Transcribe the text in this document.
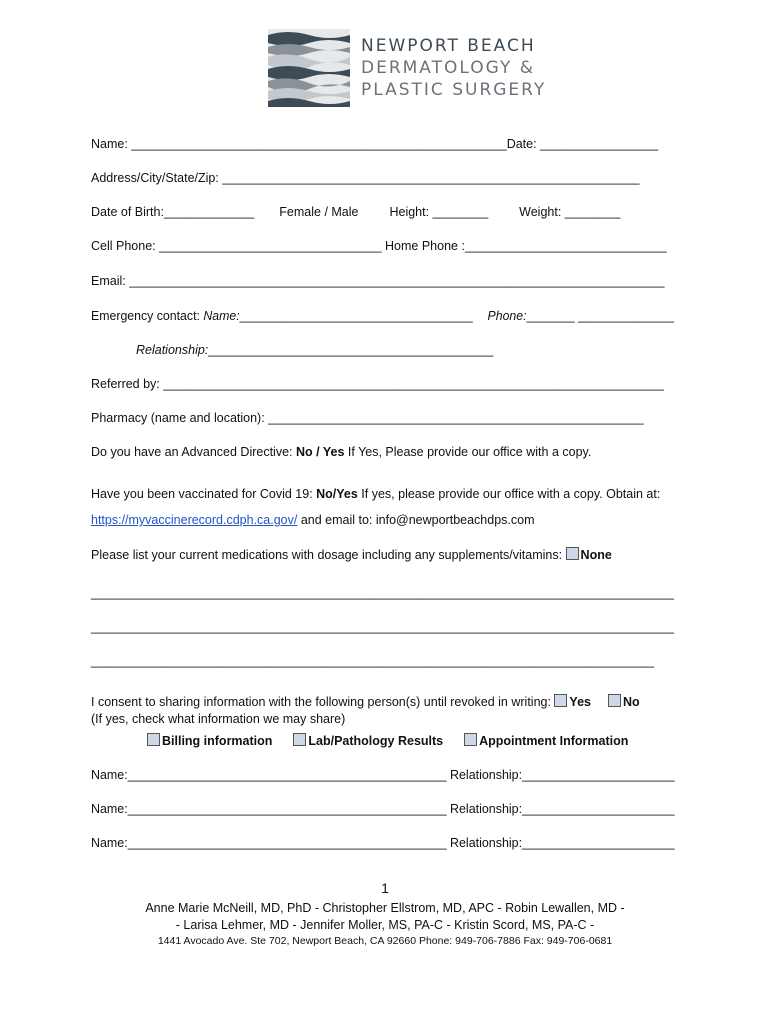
NEWPORT BEACH
DERMATOLOGY &
PLASTIC SURGERY
Name: ______________________________________________________Date: _________________
Address/City/State/Zip: ____________________________________________________________
Date of Birth:_____________ Female / Male Height: ________ Weight: ________
Cell Phone: ________________________________ Home Phone :_____________________________
Email: _____________________________________________________________________________
Emergency contact: Name:__________________________________ Phone:_______ ______________
Relationship:_________________________________________
Referred by: ________________________________________________________________________
Pharmacy (name and location): ______________________________________________________
Do you have an Advanced Directive: No / Yes If Yes, Please provide our office with a copy.
Have you been vaccinated for Covid 19: No/Yes If yes, please provide our office with a copy. Obtain at:
https://myvaccinerecord.cdph.ca.gov/ and email to: info@newportbeachdps.com
Please list your current medications with dosage including any supplements/vitamins: None
______________________________________________________________________________________
______________________________________________________________________________________
_________________________________________________________________________________
I consent to sharing information with the following person(s) until revoked in writing: Yes	No
(If yes, check what information we may share)
Billing information	Lab/Pathology Results	Appointment Information
Name:______________________________________________ Relationship:______________________
Name:______________________________________________ Relationship:______________________
Name:______________________________________________ Relationship:______________________
1
Anne Marie McNeill, MD, PhD - Christopher Ellstrom, MD, APC - Robin Lewallen, MD -
- Larisa Lehmer, MD - Jennifer Moller, MS, PA-C - Kristin Scord, MS, PA-C -
1441 Avocado Ave. Ste 702, Newport Beach, CA 92660 Phone: 949-706-7886 Fax: 949-706-0681
